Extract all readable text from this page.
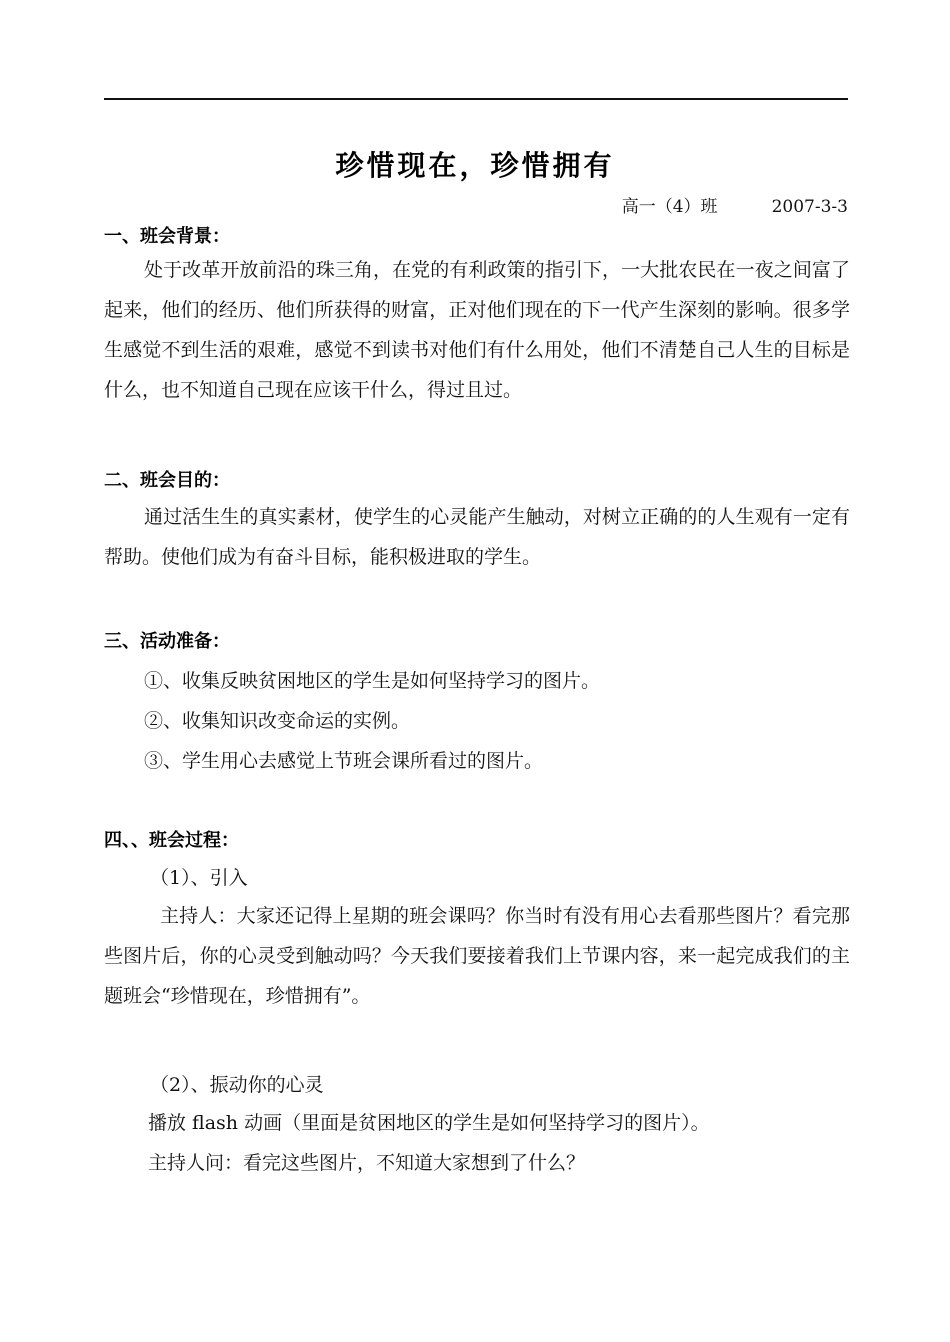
珍惜现在，珍惜拥有
高一（4）班	2007-3-3
一、班会背景：
处于改革开放前沿的珠三角，在党的有利政策的指引下，一大批农民在一夜之间富了起来，他们的经历、他们所获得的财富，正对他们现在的下一代产生深刻的影响。很多学生感觉不到生活的艰难，感觉不到读书对他们有什么用处，他们不清楚自己人生的目标是什么，也不知道自己现在应该干什么，得过且过。
二、班会目的：
通过活生生的真实素材，使学生的心灵能产生触动，对树立正确的的人生观有一定有帮助。使他们成为有奋斗目标，能积极进取的学生。
三、活动准备：
①、收集反映贫困地区的学生是如何坚持学习的图片。
②、收集知识改变命运的实例。
③、学生用心去感觉上节班会课所看过的图片。
四、、班会过程：
（1）、引入
主持人：大家还记得上星期的班会课吗？你当时有没有用心去看那些图片？看完那些图片后，你的心灵受到触动吗？今天我们要接着我们上节课内容，来一起完成我们的主题班会“珍惜现在，珍惜拥有”。
（2）、振动你的心灵
播放 flash 动画（里面是贫困地区的学生是如何坚持学习的图片）。
主持人问：看完这些图片，不知道大家想到了什么？
